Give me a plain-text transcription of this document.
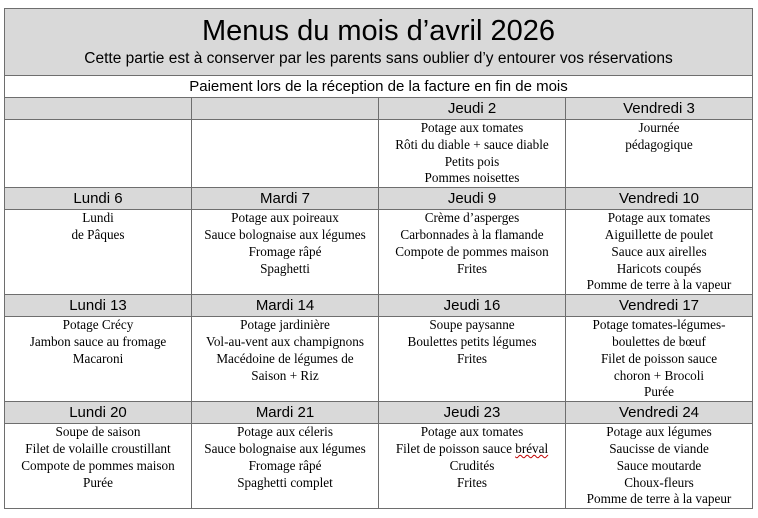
Menus du mois d’avril 2026
Cette partie est à conserver par les parents sans oublier d’y entourer vos réservations			

Paiement lors de la réception de la facture en fin de mois			
		Jeudi 2	Vendredi 3

		Potage aux tomates
Rôti du diable + sauce diable
Petits pois
Pommes noisettes	Journée
pédagogique

Lundi 6	Mardi 7	Jeudi 9	Vendredi 10

Lundi
de Pâques	Potage aux poireaux
Sauce bolognaise aux légumes
Fromage râpé
Spaghetti	Crème d’asperges
Carbonnades à la flamande
Compote de pommes maison
Frites	Potage aux tomates
Aiguillette de poulet
Sauce aux airelles
Haricots coupés
Pomme de terre à la vapeur

Lundi 13	Mardi 14	Jeudi 16	Vendredi 17

Potage Crécy
Jambon sauce au fromage
Macaroni	Potage jardinière
Vol-au-vent aux champignons
Macédoine de légumes de
Saison + Riz	Soupe paysanne
Boulettes petits légumes
Frites	Potage tomates-légumes-
boulettes de bœuf
Filet de poisson sauce
choron + Brocoli
Purée

Lundi 20	Mardi 21	Jeudi 23	Vendredi 24

Soupe de saison
Filet de volaille croustillant
Compote de pommes maison
Purée	Potage aux céleris
Sauce bolognaise aux légumes
Fromage râpé
Spaghetti complet	Potage aux tomates
Filet de poisson sauce bréval
Crudités
Frites	Potage aux légumes
Saucisse de viande
Sauce moutarde
Choux-fleurs
Pomme de terre à la vapeur
